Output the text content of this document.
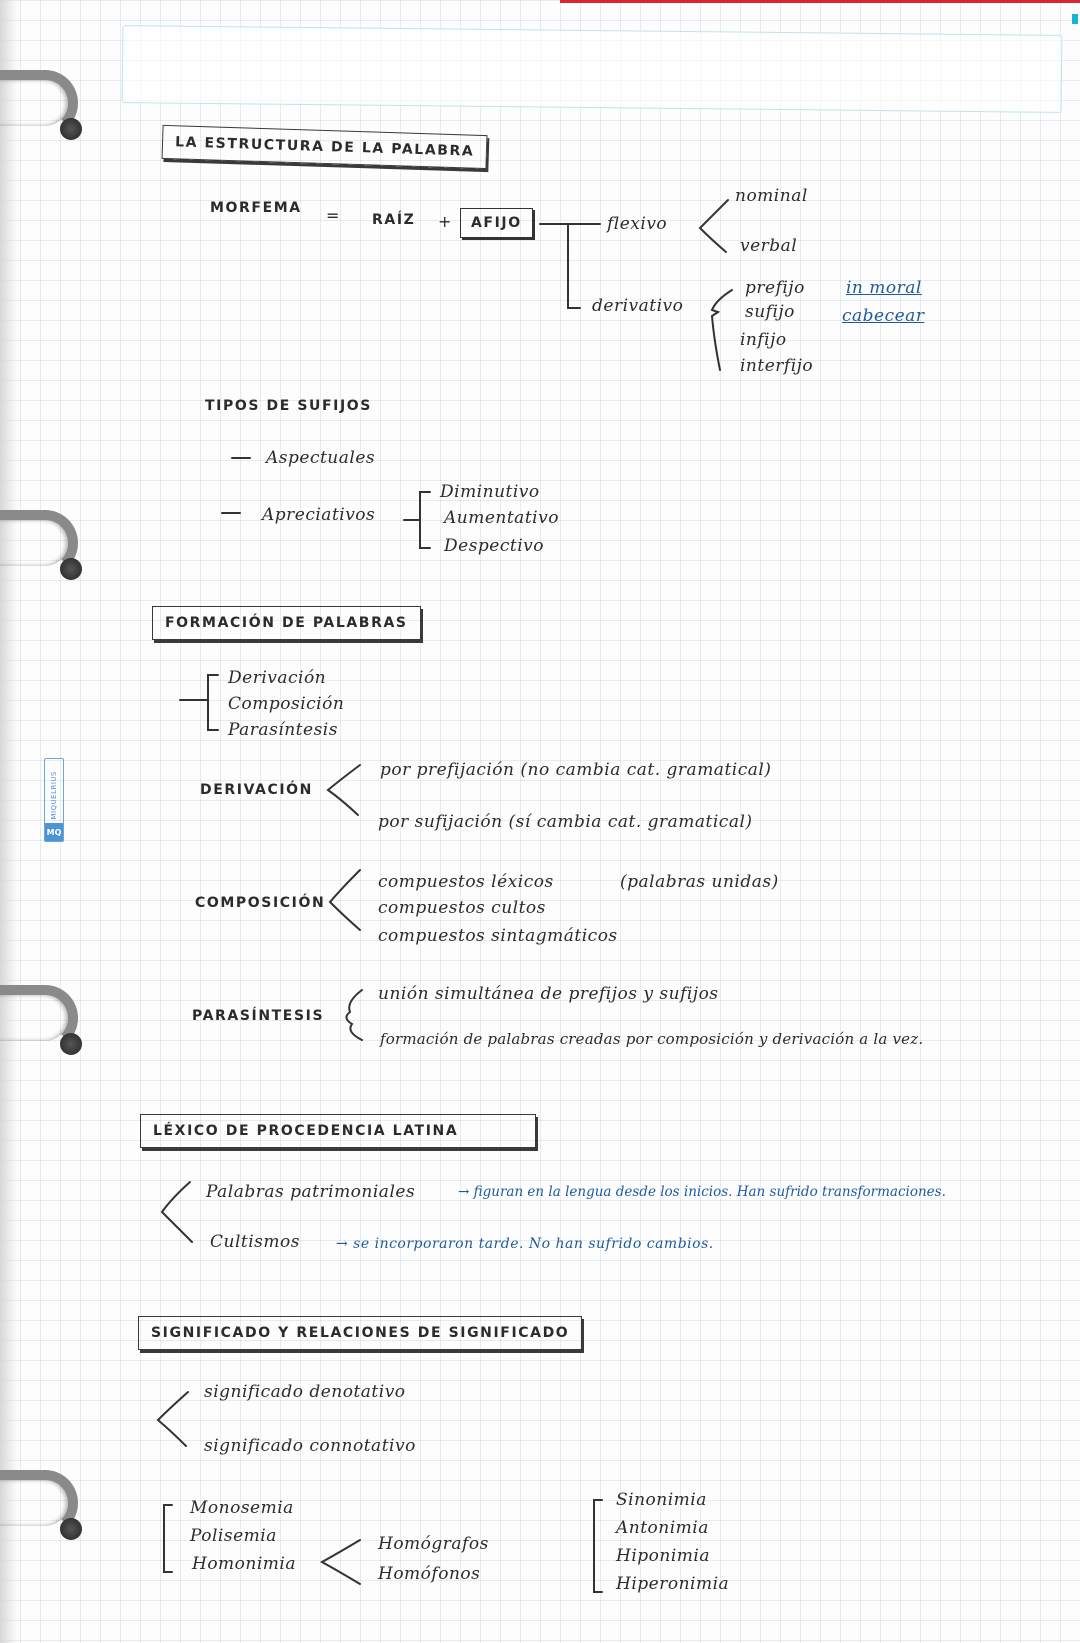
MIQUELRIUS
MQ
LA ESTRUCTURA DE LA PALABRA
MORFEMA = RAÍZ +	AFIJO	flexivo
nominal
verbal
derivativo
prefijo
sufijo
infijo
interfijo
in moral
cabecear
TIPOS DE SUFIJOS
Aspectuales
Apreciativos
Diminutivo
Aumentativo
Despectivo
FORMACIÓN DE PALABRAS
Derivación
Composición
Parasíntesis
DERIVACIÓN
por prefijación (no cambia cat. gramatical)
por sufijación (sí cambia cat. gramatical)
COMPOSICIÓN
compuestos léxicos	(palabras unidas)
compuestos cultos
compuestos sintagmáticos
PARASÍNTESIS
unión simultánea de prefijos y sufijos
formación de palabras creadas por composición y derivación a la vez.
LÉXICO DE PROCEDENCIA LATINA
Palabras patrimoniales	→ figuran en la lengua desde los inicios. Han sufrido transformaciones.
Cultismos	→ se incorporaron tarde. No han sufrido cambios.
SIGNIFICADO Y RELACIONES DE SIGNIFICADO
significado denotativo
significado connotativo
Monosemia
Polisemia
Homonimia
Homógrafos
Homófonos
Sinonimia
Antonimia
Hiponimia
Hiperonimia
